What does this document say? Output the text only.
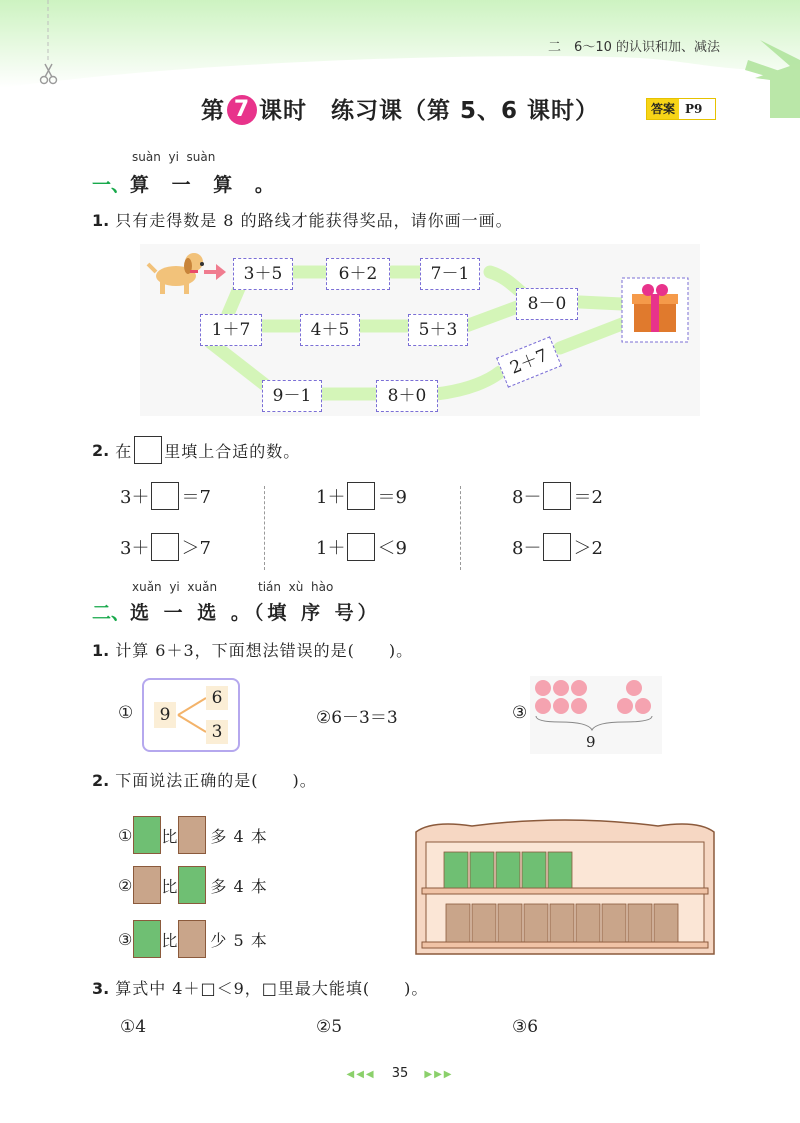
二　6～10 的认识和加、减法
第 7 课时　练习课（第 5、6 课时）	答案 P9
suàn yi suàn
一、算 一 算 。
1. 只有走得数是 8 的路线才能获得奖品，请你画一画。
3＋5	6＋2	7－1
8－0
1＋7	4＋5	5＋3
2＋7
9－1	8＋0
2. 在 里填上合适的数。
3＋ ＝7	1＋ ＝9	8－ ＝2
3＋ ＞7	1＋ ＜9	8－ ＞2
xuǎn yi xuǎn	tián xù hào
二、选 一 选 。（填 序 号）
1. 计算 6＋3，下面想法错误的是(　　)。
①	9
6
3
②6－3＝3	③
9
2. 下面说法正确的是(　　)。
① 比 多 4 本
② 比 多 4 本
③ 比 少 5 本
3. 算式中 4＋□＜9，□里最大能填(　　)。
①4	②5	③6
◀◀◀ 35 ▶▶▶
